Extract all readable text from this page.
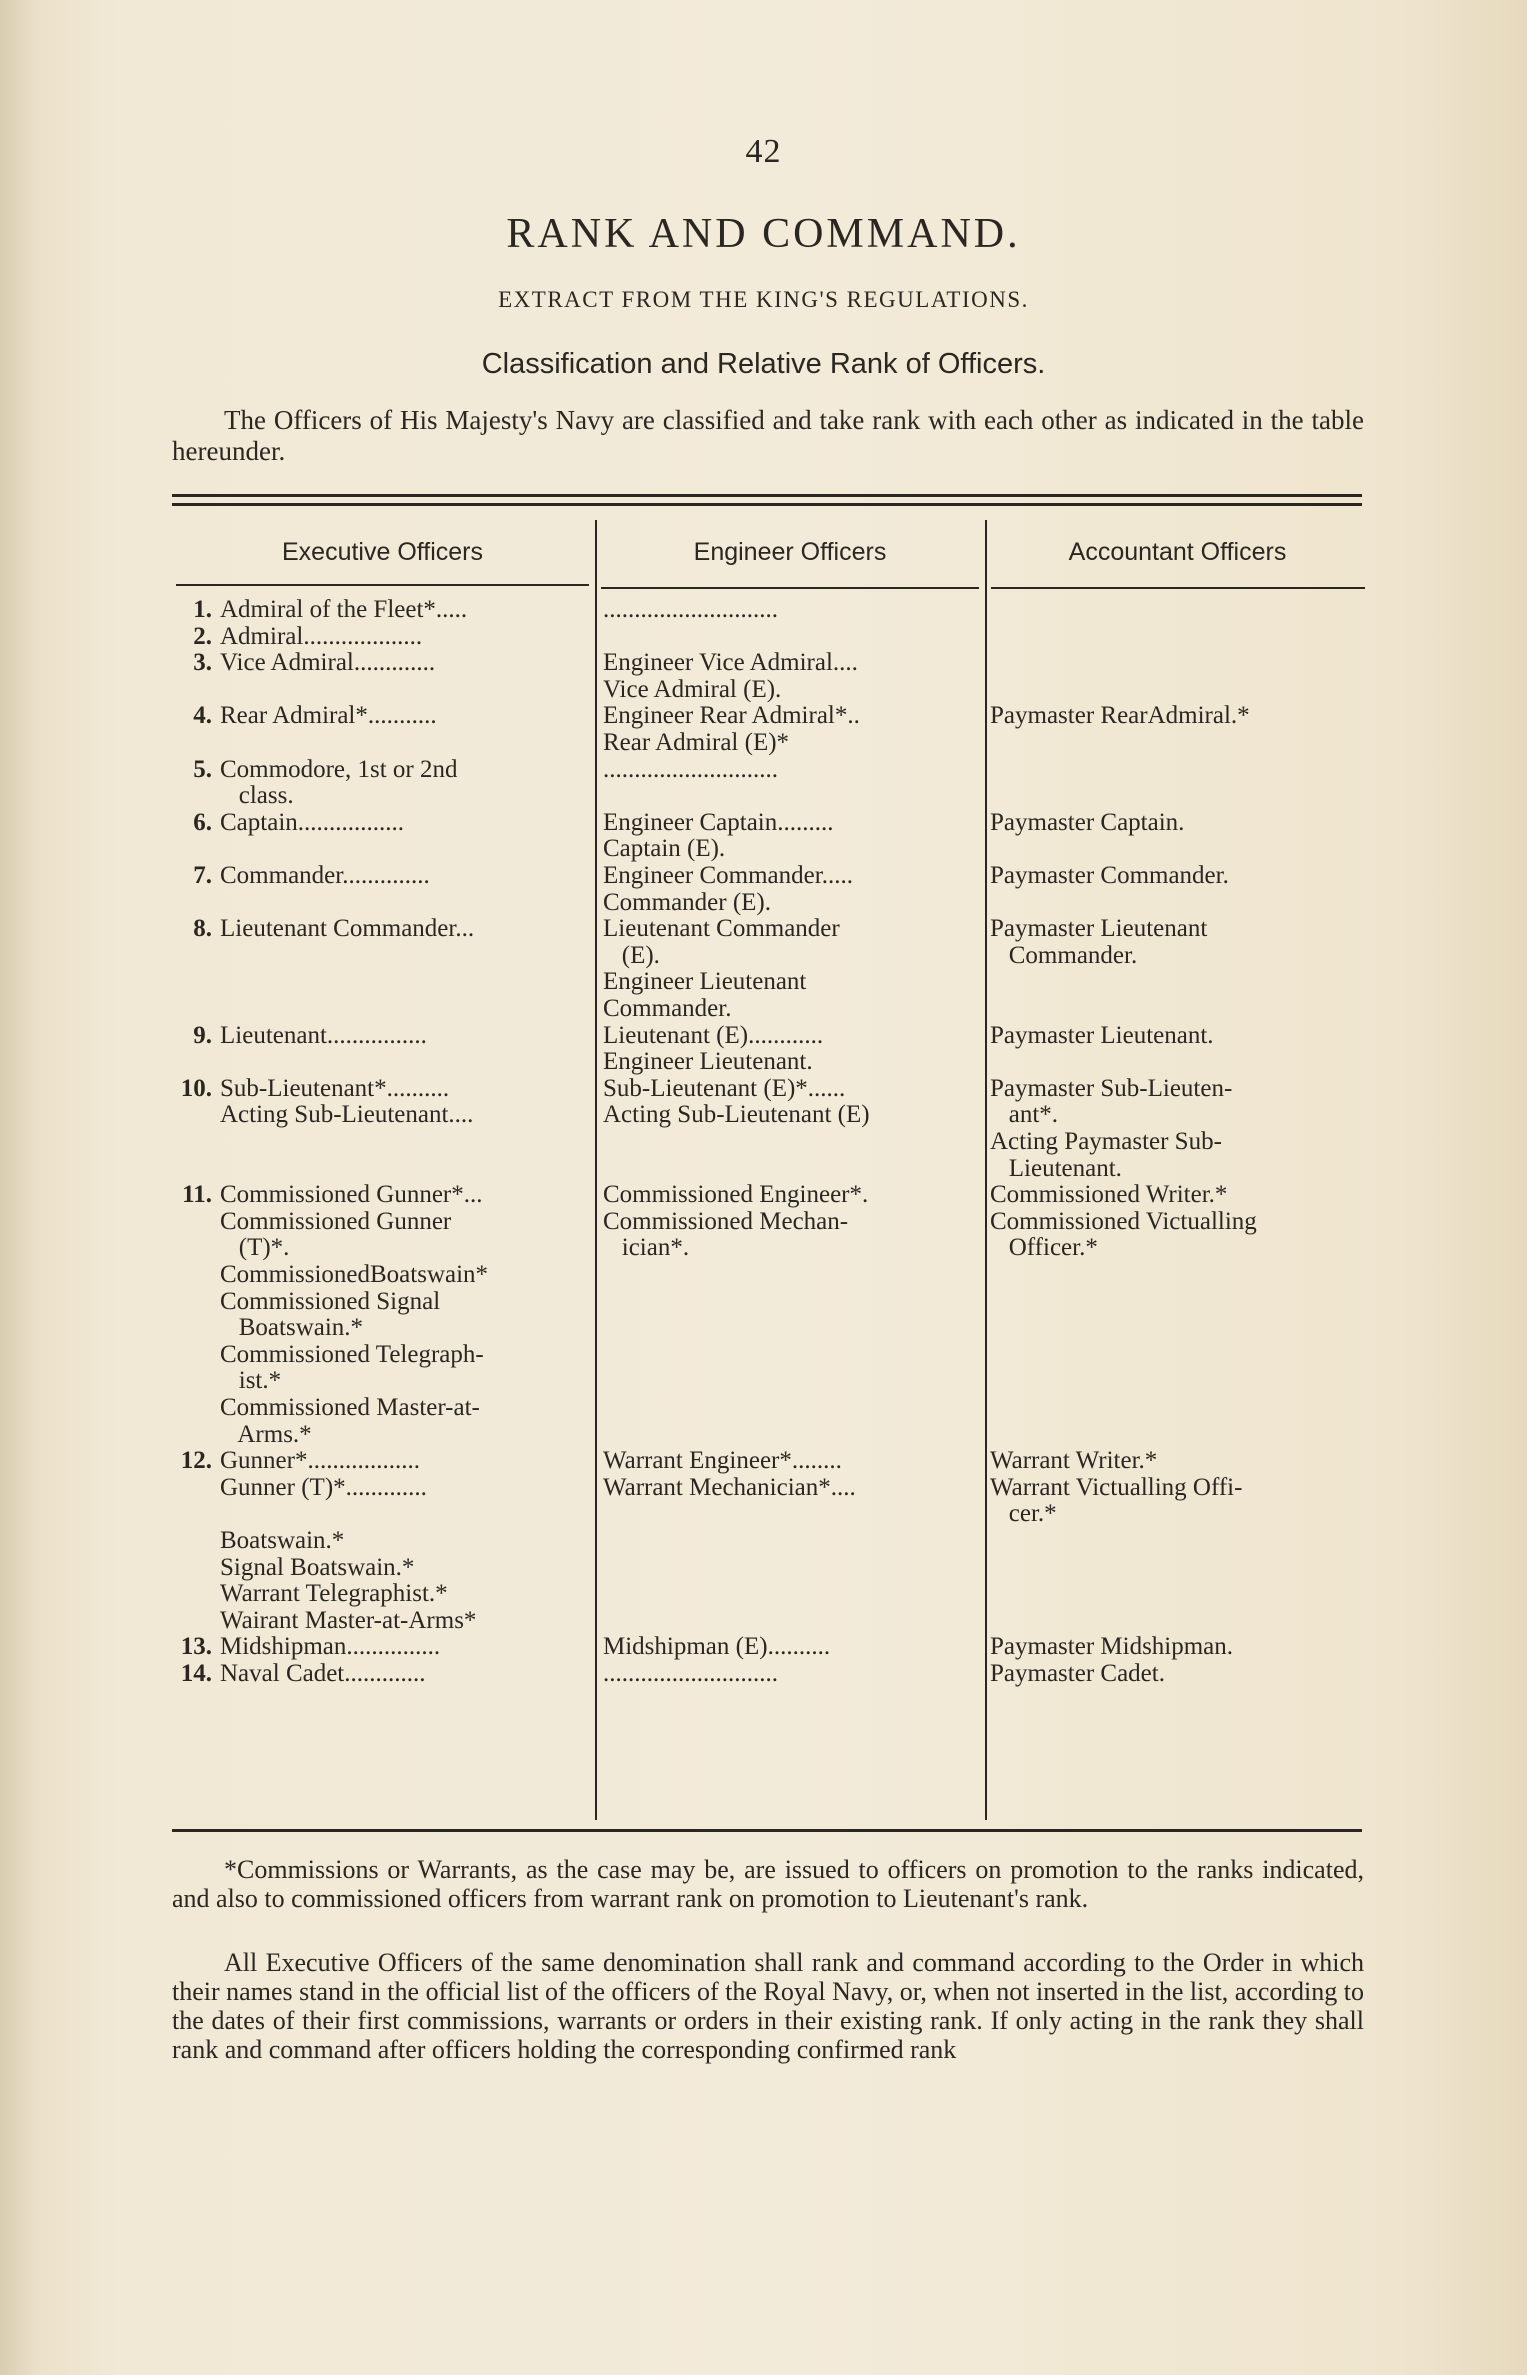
42
RANK AND COMMAND.
EXTRACT FROM THE KING'S REGULATIONS.
Classification and Relative Rank of Officers.
The Officers of His Majesty's Navy are classified and take rank with each other as indicated in the table hereunder.
Executive Officers	Engineer Officers	Accountant Officers
1. Admiral of the Fleet*.....	............................
2. Admiral...................
3. Vice Admiral.............	Engineer Vice Admiral....
Vice Admiral (E).
4. Rear Admiral*...........	Engineer Rear Admiral*..	Paymaster RearAdmiral.*
Rear Admiral (E)*
5. Commodore, 1st or 2nd	............................
class.
6. Captain.................	Engineer Captain.........	Paymaster Captain.
Captain (E).
7. Commander..............	Engineer Commander.....	Paymaster Commander.
Commander (E).
8. Lieutenant Commander...	Lieutenant Commander	Paymaster Lieutenant
(E).	Commander.
Engineer Lieutenant
Commander.
9. Lieutenant................	Lieutenant (E)............	Paymaster Lieutenant.
Engineer Lieutenant.
10. Sub-Lieutenant*..........	Sub-Lieutenant (E)*......	Paymaster Sub-Lieuten-
Acting Sub-Lieutenant....	Acting Sub-Lieutenant (E)	ant*.
Acting Paymaster Sub-
Lieutenant.
11. Commissioned Gunner*...	Commissioned Engineer*.	Commissioned Writer.*
Commissioned Gunner	Commissioned Mechan-	Commissioned Victualling
(T)*.	ician*.	Officer.*
CommissionedBoatswain*
Commissioned Signal
Boatswain.*
Commissioned Telegraph-
ist.*
Commissioned Master-at-
Arms.*
12. Gunner*..................	Warrant Engineer*........	Warrant Writer.*
Gunner (T)*.............	Warrant Mechanician*....	Warrant Victualling Offi-
cer.*
Boatswain.*
Signal Boatswain.*
Warrant Telegraphist.*
Wairant Master-at-Arms*
13. Midshipman...............	Midshipman (E)..........	Paymaster Midshipman.
14. Naval Cadet.............	............................	Paymaster Cadet.
*Commissions or Warrants, as the case may be, are issued to officers on promotion to the ranks indicated, and also to commissioned officers from warrant rank on promotion to Lieutenant's rank.
All Executive Officers of the same denomination shall rank and command according to the Order in which their names stand in the official list of the officers of the Royal Navy, or, when not inserted in the list, according to the dates of their first commissions, warrants or orders in their existing rank. If only acting in the rank they shall rank and command after officers holding the corresponding confirmed rank
